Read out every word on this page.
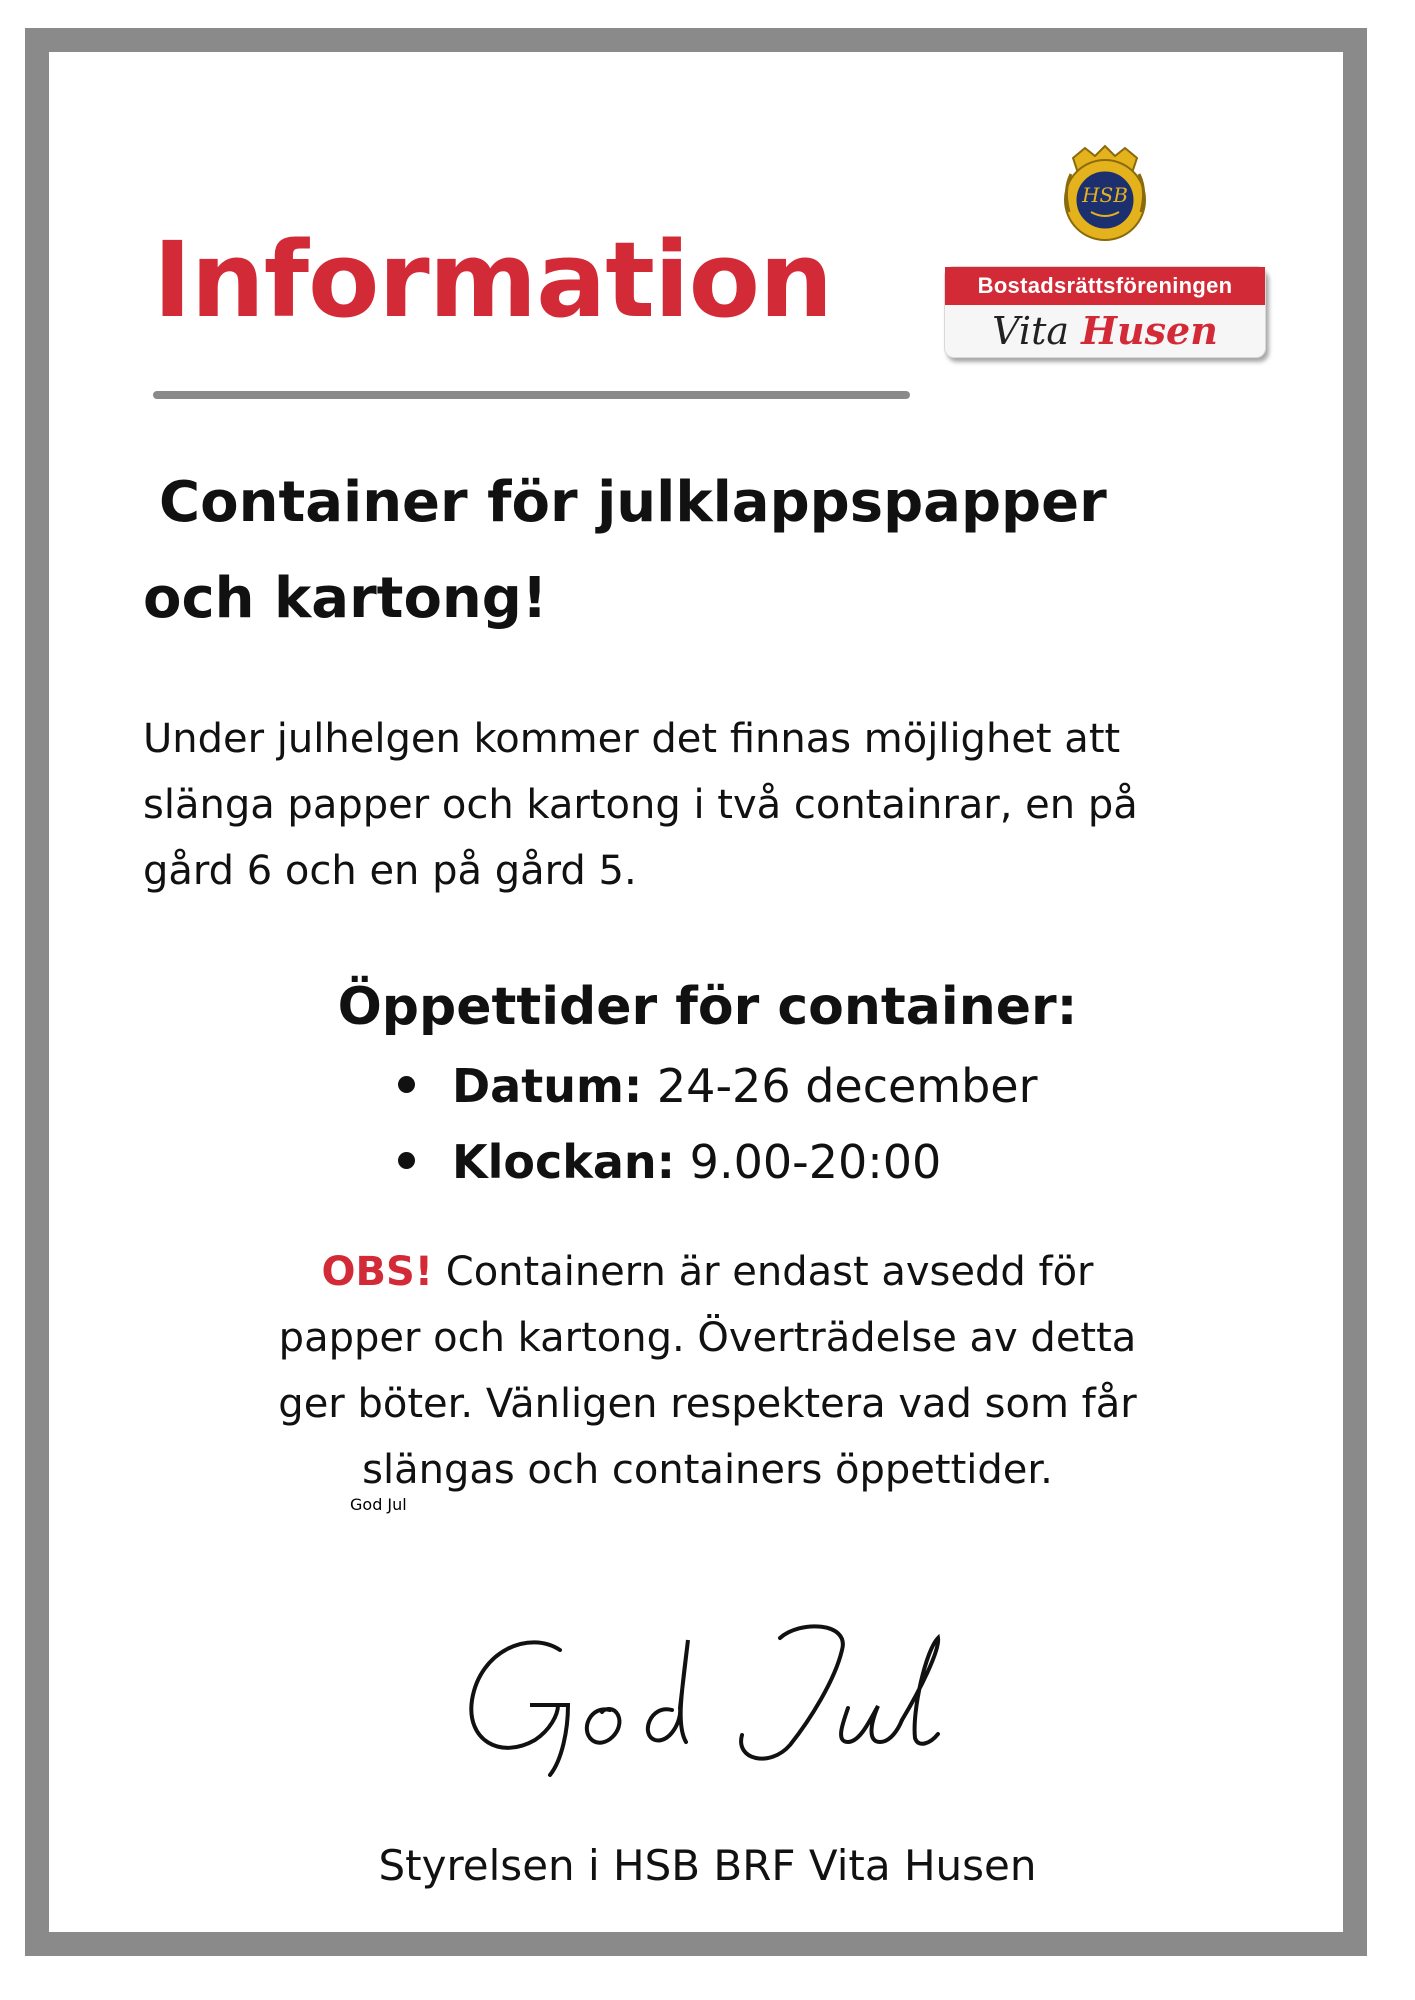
Information
HSB
Bostadsrättsföreningen
Vita Husen
Container för julklappspapper
och kartong!

Under julhelgen kommer det finnas möjlighet att
slänga papper och kartong i två containrar, en på
gård 6 och en på gård 5.

Öppettider för container:
Datum: 24-26 december
Klockan: 9.00-20:00

OBS! Containern är endast avsedd för
papper och kartong. Överträdelse av detta
ger böter. Vänligen respektera vad som får
slängas och containers öppettider.

God Jul

Styrelsen i HSB BRF Vita Husen
